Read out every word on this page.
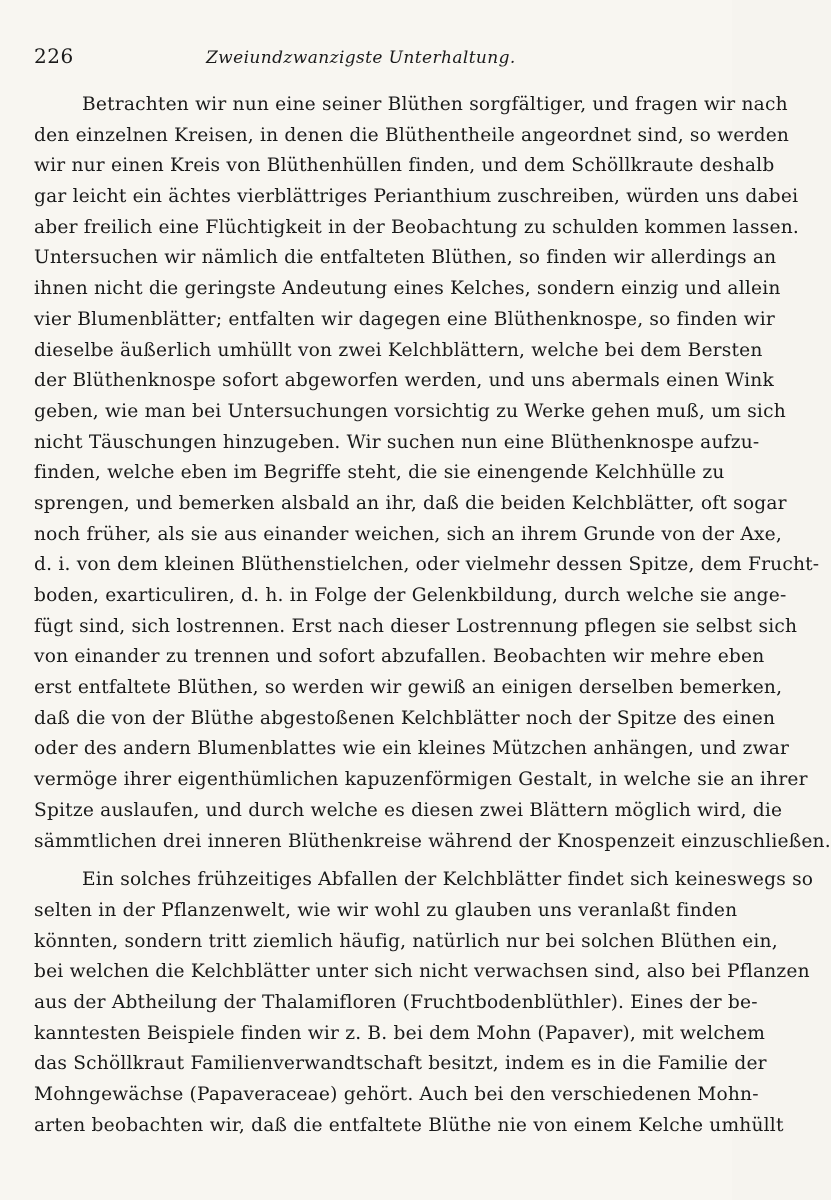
226	Zweiundzwanzigste Unterhaltung.
Betrachten wir nun eine seiner Blüthen sorgfältiger, und fragen wir nach
den einzelnen Kreisen, in denen die Blüthentheile angeordnet sind, so werden
wir nur einen Kreis von Blüthenhüllen finden, und dem Schöllkraute deshalb
gar leicht ein ächtes vierblättriges Perianthium zuschreiben, würden uns dabei
aber freilich eine Flüchtigkeit in der Beobachtung zu schulden kommen lassen.
Untersuchen wir nämlich die entfalteten Blüthen, so finden wir allerdings an
ihnen nicht die geringste Andeutung eines Kelches, sondern einzig und allein
vier Blumenblätter; entfalten wir dagegen eine Blüthenknospe, so finden wir
dieselbe äußerlich umhüllt von zwei Kelchblättern, welche bei dem Bersten
der Blüthenknospe sofort abgeworfen werden, und uns abermals einen Wink
geben, wie man bei Untersuchungen vorsichtig zu Werke gehen muß, um sich
nicht Täuschungen hinzugeben. Wir suchen nun eine Blüthenknospe aufzu-
finden, welche eben im Begriffe steht, die sie einengende Kelchhülle zu
sprengen, und bemerken alsbald an ihr, daß die beiden Kelchblätter, oft sogar
noch früher, als sie aus einander weichen, sich an ihrem Grunde von der Axe,
d. i. von dem kleinen Blüthenstielchen, oder vielmehr dessen Spitze, dem Frucht-
boden, exarticuliren, d. h. in Folge der Gelenkbildung, durch welche sie ange-
fügt sind, sich lostrennen. Erst nach dieser Lostrennung pflegen sie selbst sich
von einander zu trennen und sofort abzufallen. Beobachten wir mehre eben
erst entfaltete Blüthen, so werden wir gewiß an einigen derselben bemerken,
daß die von der Blüthe abgestoßenen Kelchblätter noch der Spitze des einen
oder des andern Blumenblattes wie ein kleines Mützchen anhängen, und zwar
vermöge ihrer eigenthümlichen kapuzenförmigen Gestalt, in welche sie an ihrer
Spitze auslaufen, und durch welche es diesen zwei Blättern möglich wird, die
sämmtlichen drei inneren Blüthenkreise während der Knospenzeit einzuschließen.
Ein solches frühzeitiges Abfallen der Kelchblätter findet sich keineswegs so
selten in der Pflanzenwelt, wie wir wohl zu glauben uns veranlaßt finden
könnten, sondern tritt ziemlich häufig, natürlich nur bei solchen Blüthen ein,
bei welchen die Kelchblätter unter sich nicht verwachsen sind, also bei Pflanzen
aus der Abtheilung der Thalamifloren (Fruchtbodenblüthler). Eines der be-
kanntesten Beispiele finden wir z. B. bei dem Mohn (Papaver), mit welchem
das Schöllkraut Familienverwandtschaft besitzt, indem es in die Familie der
Mohngewächse (Papaveraceae) gehört. Auch bei den verschiedenen Mohn-
arten beobachten wir, daß die entfaltete Blüthe nie von einem Kelche umhüllt
